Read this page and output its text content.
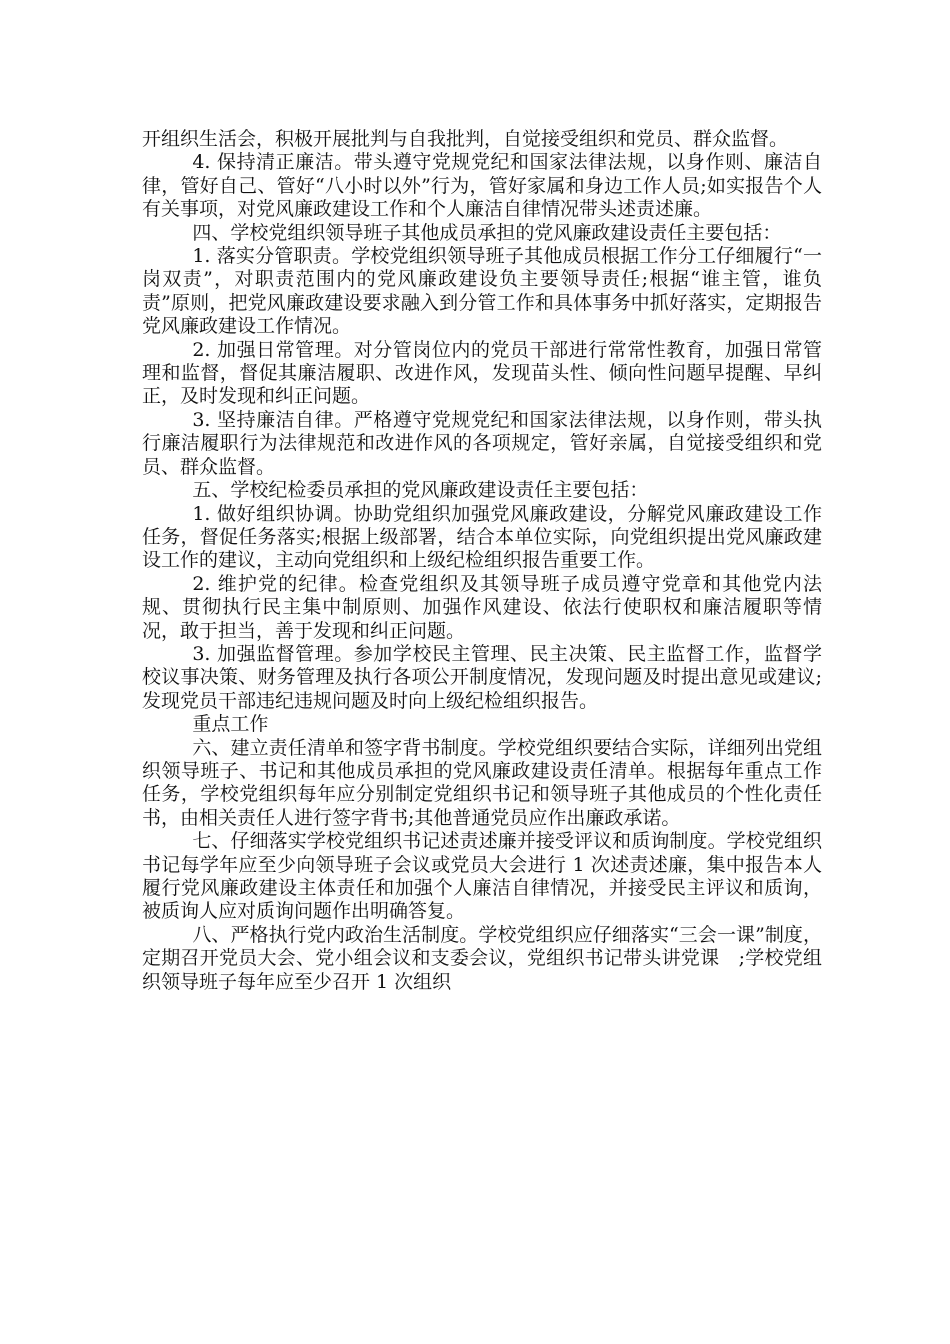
开组织生活会，积极开展批判与自我批判，自觉接受组织和党员、群众监督。

4. 保持清正廉洁。带头遵守党规党纪和国家法律法规，以身作则、廉洁自律，管好自己、管好“八小时以外”行为，管好家属和身边工作人员;如实报告个人有关事项，对党风廉政建设工作和个人廉洁自律情况带头述责述廉。

四、学校党组织领导班子其他成员承担的党风廉政建设责任主要包括：

1. 落实分管职责。学校党组织领导班子其他成员根据工作分工仔细履行“一岗双责”，对职责范围内的党风廉政建设负主要领导责任;根据“谁主管，谁负责”原则，把党风廉政建设要求融入到分管工作和具体事务中抓好落实，定期报告党风廉政建设工作情况。

2. 加强日常管理。对分管岗位内的党员干部进行常常性教育，加强日常管理和监督，督促其廉洁履职、改进作风，发现苗头性、倾向性问题早提醒、早纠正，及时发现和纠正问题。

3. 坚持廉洁自律。严格遵守党规党纪和国家法律法规，以身作则，带头执行廉洁履职行为法律规范和改进作风的各项规定，管好亲属，自觉接受组织和党员、群众监督。

五、学校纪检委员承担的党风廉政建设责任主要包括：

1. 做好组织协调。协助党组织加强党风廉政建设，分解党风廉政建设工作任务，督促任务落实;根据上级部署，结合本单位实际，向党组织提出党风廉政建设工作的建议，主动向党组织和上级纪检组织报告重要工作。

2. 维护党的纪律。检查党组织及其领导班子成员遵守党章和其他党内法规、贯彻执行民主集中制原则、加强作风建设、依法行使职权和廉洁履职等情况，敢于担当，善于发现和纠正问题。

3. 加强监督管理。参加学校民主管理、民主决策、民主监督工作，监督学校议事决策、财务管理及执行各项公开制度情况，发现问题及时提出意见或建议;发现党员干部违纪违规问题及时向上级纪检组织报告。

重点工作

六、建立责任清单和签字背书制度。学校党组织要结合实际，详细列出党组织领导班子、书记和其他成员承担的党风廉政建设责任清单。根据每年重点工作任务，学校党组织每年应分别制定党组织书记和领导班子其他成员的个性化责任书，由相关责任人进行签字背书;其他普通党员应作出廉政承诺。

七、仔细落实学校党组织书记述责述廉并接受评议和质询制度。学校党组织书记每学年应至少向领导班子会议或党员大会进行 1 次述责述廉，集中报告本人履行党风廉政建设主体责任和加强个人廉洁自律情况，并接受民主评议和质询，被质询人应对质询问题作出明确答复。

八、严格执行党内政治生活制度。学校党组织应仔细落实“三会一课”制度，定期召开党员大会、党小组会议和支委会议，党组织书记带头讲党课　;学校党组织领导班子每年应至少召开 1 次组织
